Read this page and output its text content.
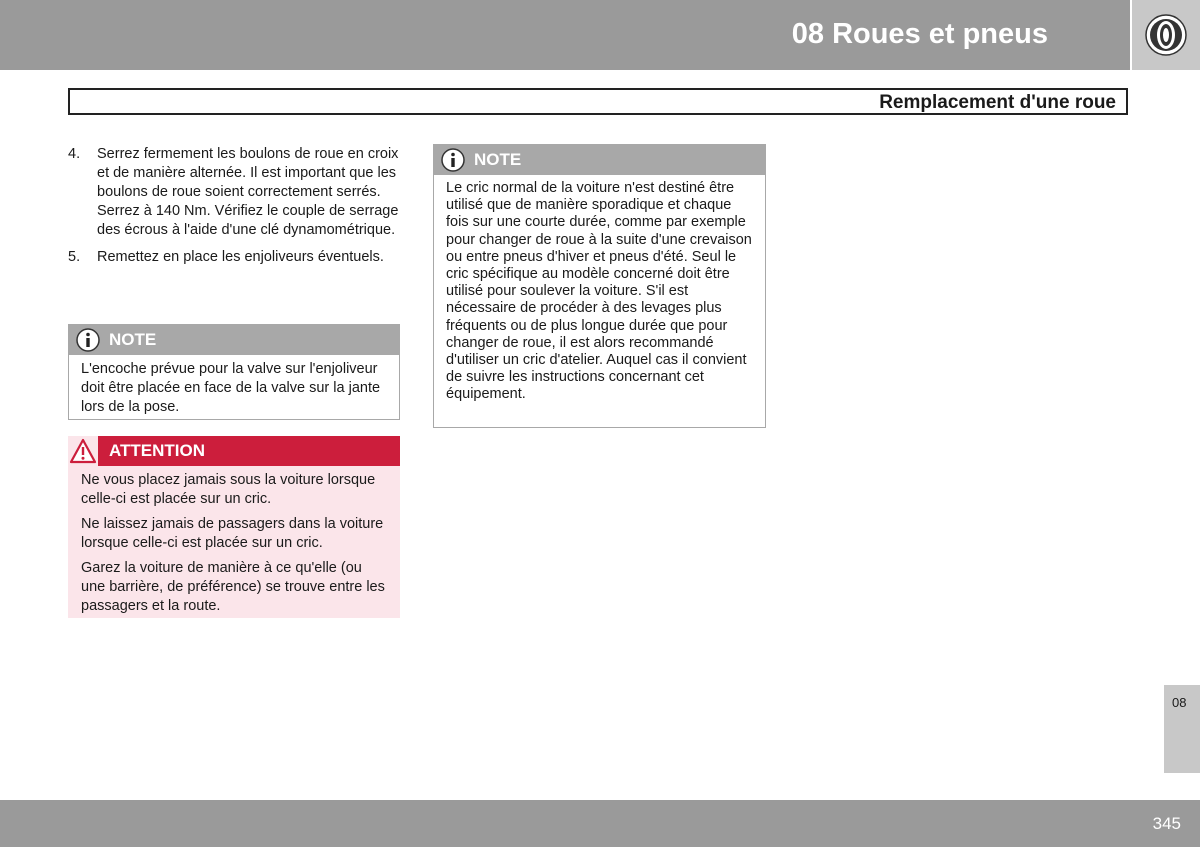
08 Roues et pneus
Remplacement d'une roue
4. Serrez fermement les boulons de roue en croix et de manière alternée. Il est important que les boulons de roue soient correctement serrés. Serrez à 140 Nm. Vérifiez le couple de serrage des écrous à l'aide d'une clé dynamométrique.
5. Remettez en place les enjoliveurs éventuels.
NOTE

L'encoche prévue pour la valve sur l'enjoliveur doit être placée en face de la valve sur la jante lors de la pose.

ATTENTION

Ne vous placez jamais sous la voiture lorsque celle-ci est placée sur un cric.

Ne laissez jamais de passagers dans la voiture lorsque celle-ci est placée sur un cric.

Garez la voiture de manière à ce qu'elle (ou une barrière, de préférence) se trouve entre les passagers et la route.

NOTE

Le cric normal de la voiture n'est destiné être utilisé que de manière sporadique et chaque fois sur une courte durée, comme par exemple pour changer de roue à la suite d'une crevaison ou entre pneus d'hiver et pneus d'été. Seul le cric spécifique au modèle concerné doit être utilisé pour soulever la voiture. S'il est nécessaire de procéder à des levages plus fréquents ou de plus longue durée que pour changer de roue, il est alors recommandé d'utiliser un cric d'atelier. Auquel cas il convient de suivre les instructions concernant cet équipement.

08
345
